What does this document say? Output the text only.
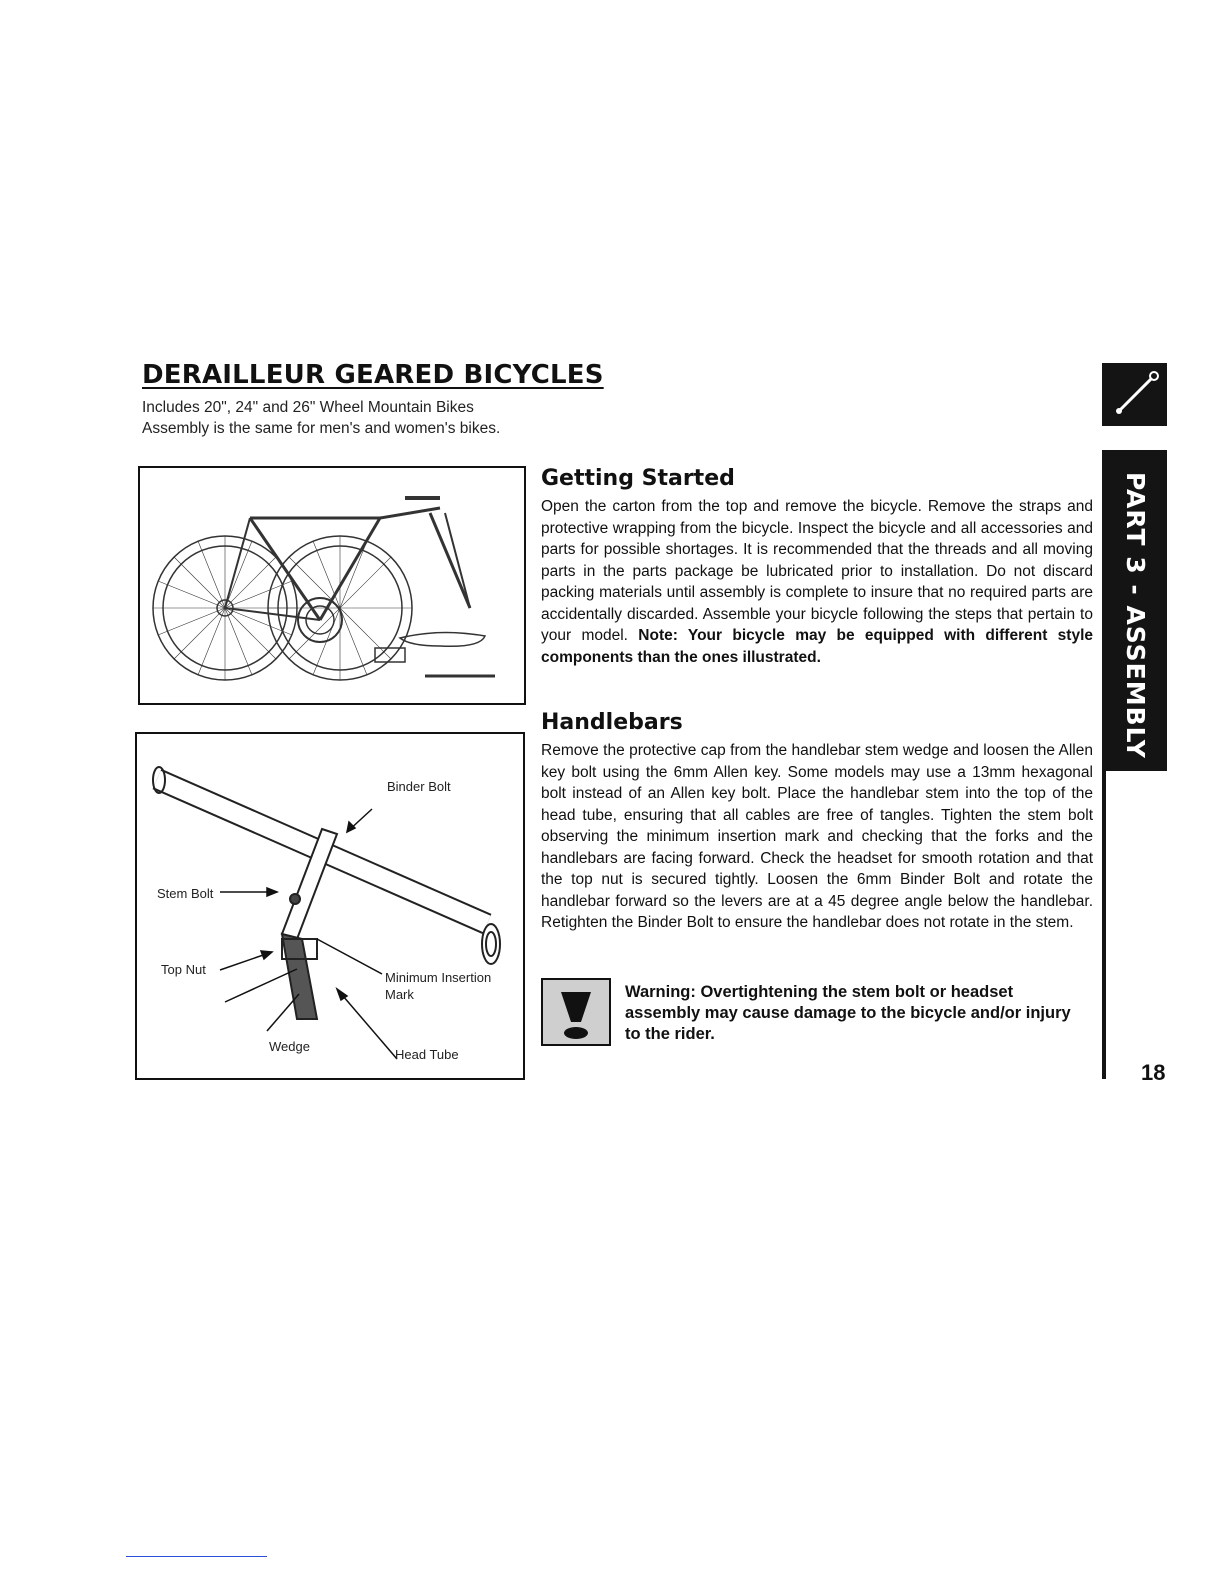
DERAILLEUR GEARED BICYCLES
Includes 20", 24" and 26" Wheel Mountain Bikes
Assembly is the same for men's and women's bikes.
Binder Bolt
Stem Bolt
Top Nut
Minimum Insertion
Mark
Wedge
Head Tube
Getting Started
Open the carton from the top and remove the bicycle. Remove the straps and protective wrapping from the bicycle. Inspect the bicycle and all accessories and parts for possible shortages. It is recommended that the threads and all moving parts in the parts package be lubricated prior to installation. Do not discard packing materials until assembly is complete to insure that no required parts are accidentally discarded. Assemble your bicycle following the steps that pertain to your model. Note: Your bicycle may be equipped with different style components than the ones illustrated.
Handlebars
Remove the protective cap from the handlebar stem wedge and loosen the Allen key bolt using the 6mm Allen key. Some models may use a 13mm hexagonal bolt instead of an Allen key bolt. Place the handlebar stem into the top of the head tube, ensuring that all cables are free of tangles. Tighten the stem bolt observing the minimum insertion mark and checking that the forks and the handlebars are facing forward. Check the headset for smooth rotation and that the top nut is secured tightly. Loosen the 6mm Binder Bolt and rotate the handlebar forward so the levers are at a 45 degree angle below the handlebar. Retighten the Binder Bolt to ensure the handlebar does not rotate in the stem.
Warning: Overtightening the stem bolt or headset assembly may cause damage to the bicycle and/or injury to the rider.
PART 3 - ASSEMBLY
18
